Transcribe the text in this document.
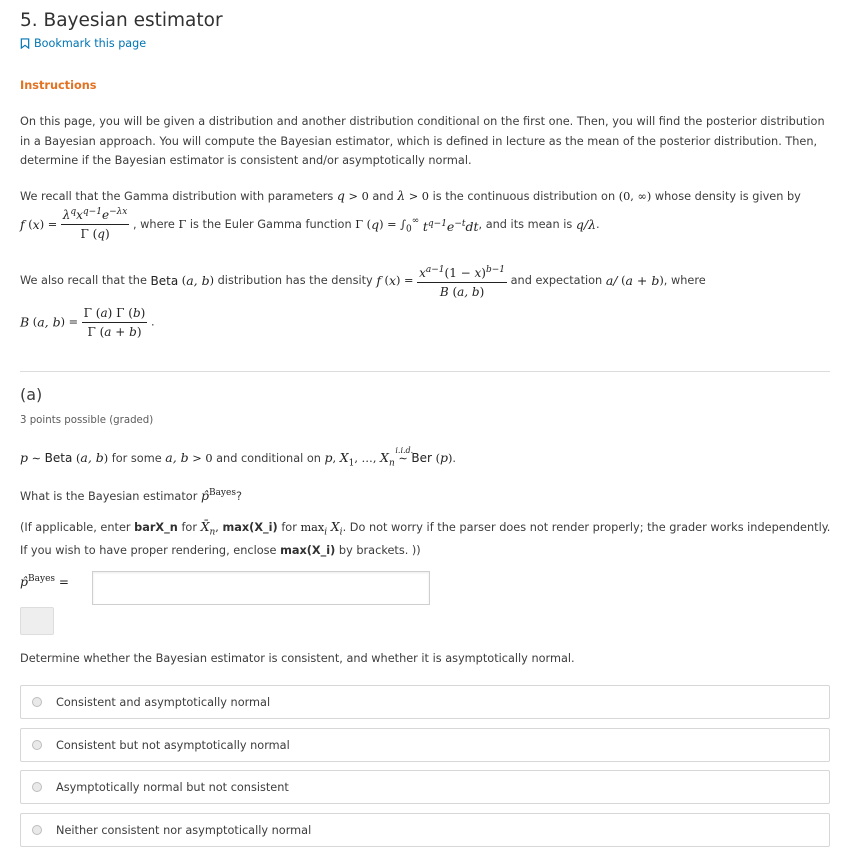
5. Bayesian estimator
Bookmark this page
Instructions
On this page, you will be given a distribution and another distribution conditional on the first one. Then, you will find the posterior distribution in a Bayesian approach. You will compute the Bayesian estimator, which is defined in lecture as the mean of the posterior distribution. Then, determine if the Bayesian estimator is consistent and/or asymptotically normal.
We recall that the Gamma distribution with parameters q > 0 and λ > 0 is the continuous distribution on (0, ∞) whose density is given by
f $(x) = \frac{\lambda^qx^{q-1}e^{-\lambda x}}{\Gamma (q)}$ , where Γ is the Euler Gamma function Γ $(q) = \int_0^\infty$ $t^{q-1}e^{-t}dt$, and its mean is q/λ.
We also recall that the Beta (a, b) distribution has the density f $(x) = \frac{x^{a-1}(1 - x)^{b-1}}{B (a, b)}$ and expectation a/ (a + b), where
B (a, $b) = \frac{\Gamma (a) \Gamma (b)}{\Gamma (a + b)}$ .
(a)
3 points possible (graded)
p ∼ Beta (a, b) for some a, b > 0 and conditional on p, $X_1$, …, $X_n$
i.i.d.
∼ Ber (p).
What is the Bayesian estimator p̂$^{Bayes}$?
(If applicable, enter barX_n for $X̄_n$, max(X_i) for $\max_i X_i$. Do not worry if the parser does not render properly; the grader works independently. If you wish to have proper rendering, enclose max(X_i) by brackets. ))
p̂$^{Bayes}$ =
Determine whether the Bayesian estimator is consistent, and whether it is asymptotically normal.
Consistent and asymptotically normal
Consistent but not asymptotically normal
Asymptotically normal but not consistent
Neither consistent nor asymptotically normal
